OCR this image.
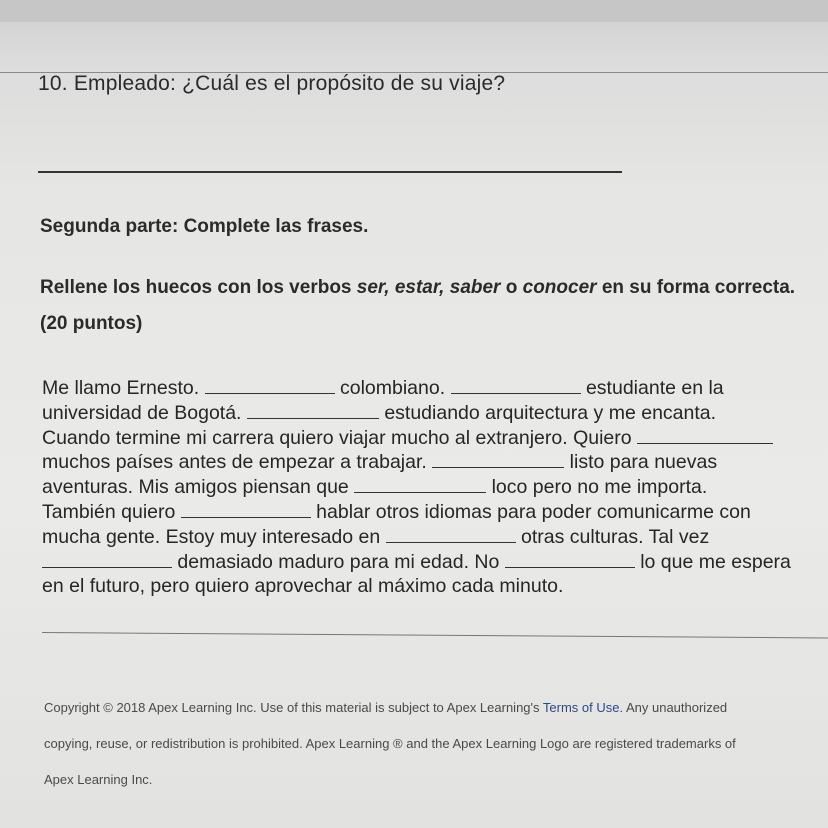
10. Empleado: ¿Cuál es el propósito de su viaje?
Segunda parte: Complete las frases.
Rellene los huecos con los verbos ser, estar, saber o conocer en su forma correcta.
(20 puntos)
Me llamo Ernesto.	colombiano.	estudiante en la
universidad de Bogotá.	estudiando arquitectura y me encanta.
Cuando termine mi carrera quiero viajar mucho al extranjero. Quiero
muchos países antes de empezar a trabajar.	listo para nuevas
aventuras. Mis amigos piensan que	loco pero no me importa.
También quiero	hablar otros idiomas para poder comunicarme con
mucha gente. Estoy muy interesado en	otras culturas. Tal vez
demasiado maduro para mi edad. No	lo que me espera
en el futuro, pero quiero aprovechar al máximo cada minuto.
Copyright © 2018 Apex Learning Inc. Use of this material is subject to Apex Learning's Terms of Use. Any unauthorized
copying, reuse, or redistribution is prohibited. Apex Learning ® and the Apex Learning Logo are registered trademarks of
Apex Learning Inc.
